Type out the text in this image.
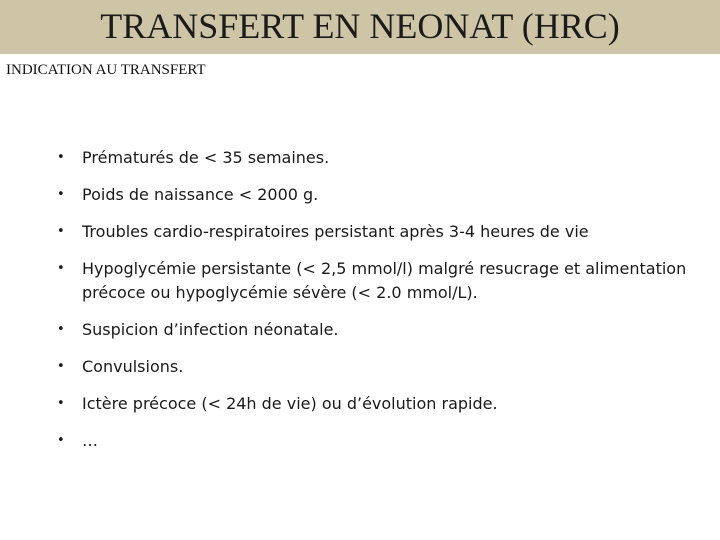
TRANSFERT EN NEONAT (HRC)
INDICATION AU TRANSFERT
• Prématurés de < 35 semaines.
• Poids de naissance < 2000 g.
• Troubles cardio-respiratoires persistant après 3-4 heures de vie
• Hypoglycémie persistante (< 2,5 mmol/l) malgré resucrage et alimentation précoce ou hypoglycémie sévère (< 2.0 mmol/L).
• Suspicion d’infection néonatale.
• Convulsions.
• Ictère précoce (< 24h de vie) ou d’évolution rapide.
• …
